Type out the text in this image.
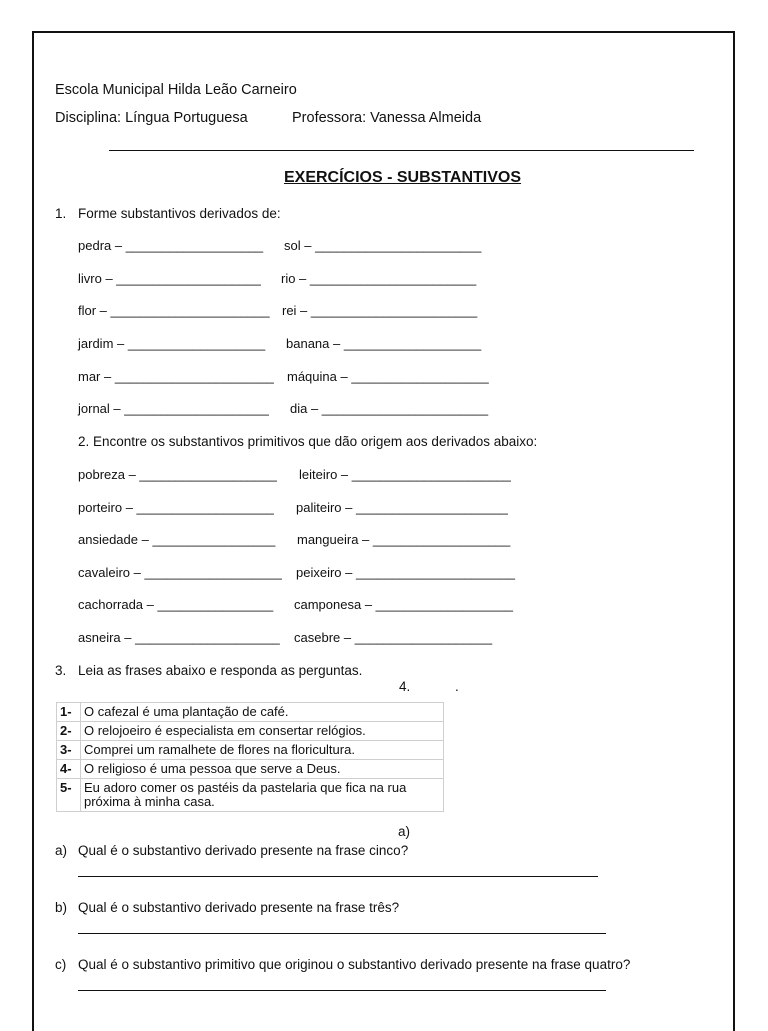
Escola Municipal Hilda Leão Carneiro
Disciplina: Língua Portuguesa	Professora: Vanessa Almeida
EXERCÍCIOS - SUBSTANTIVOS
1. Forme substantivos derivados de:
pedra – ___________________ sol – _______________________
livro – ____________________ rio – _______________________
flor – ______________________ rei – _______________________
jardim – ___________________ banana – ___________________
mar – ______________________ máquina – ___________________
jornal – ____________________ dia – _______________________
2. Encontre os substantivos primitivos que dão origem aos derivados abaixo:
pobreza – ___________________ leiteiro – ______________________
porteiro – ___________________ paliteiro – _____________________
ansiedade – _________________ mangueira – ___________________
cavaleiro – ___________________ peixeiro – ______________________
cachorrada – ________________ camponesa – ___________________
asneira – ____________________ casebre – ___________________
3. Leia as frases abaixo e responda as perguntas.
4.	.
1-	O cafezal é uma plantação de café.
2-	O relojoeiro é especialista em consertar relógios.
3-	Comprei um ramalhete de flores na floricultura.
4-	O religioso é uma pessoa que serve a Deus.
5-	Eu adoro comer os pastéis da pastelaria que fica na rua próxima à minha casa.
a)
a) Qual é o substantivo derivado presente na frase cinco?
b) Qual é o substantivo derivado presente na frase três?
c) Qual é o substantivo primitivo que originou o substantivo derivado presente na frase quatro?
